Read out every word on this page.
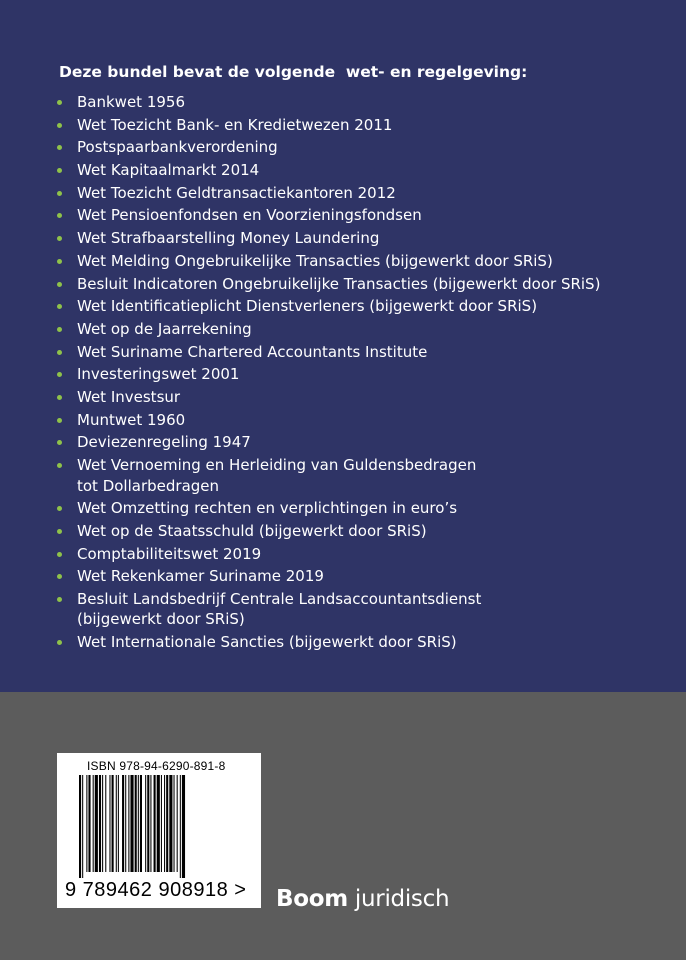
Deze bundel bevat de volgende  wet- en regelgeving:
Bankwet 1956
Wet Toezicht Bank- en Kredietwezen 2011
Postspaarbankverordening
Wet Kapitaalmarkt 2014
Wet Toezicht Geldtransactiekantoren 2012
Wet Pensioenfondsen en Voorzieningsfondsen
Wet Strafbaarstelling Money Laundering
Wet Melding Ongebruikelijke Transacties (bijgewerkt door SRiS)
Besluit Indicatoren Ongebruikelijke Transacties (bijgewerkt door SRiS)
Wet Identificatieplicht Dienstverleners (bijgewerkt door SRiS)
Wet op de Jaarrekening
Wet Suriname Chartered Accountants Institute
Investeringswet 2001
Wet Investsur
Muntwet 1960
Deviezenregeling 1947
Wet Vernoeming en Herleiding van Guldensbedragen
tot Dollarbedragen
Wet Omzetting rechten en verplichtingen in euro’s
Wet op de Staatsschuld (bijgewerkt door SRiS)
Comptabiliteitswet 2019
Wet Rekenkamer Suriname 2019
Besluit Landsbedrijf Centrale Landsaccountantsdienst
(bijgewerkt door SRiS)
Wet Internationale Sancties (bijgewerkt door SRiS)
ISBN 978-94-6290-891-8
9 789462 908918 > Boom juridisch
